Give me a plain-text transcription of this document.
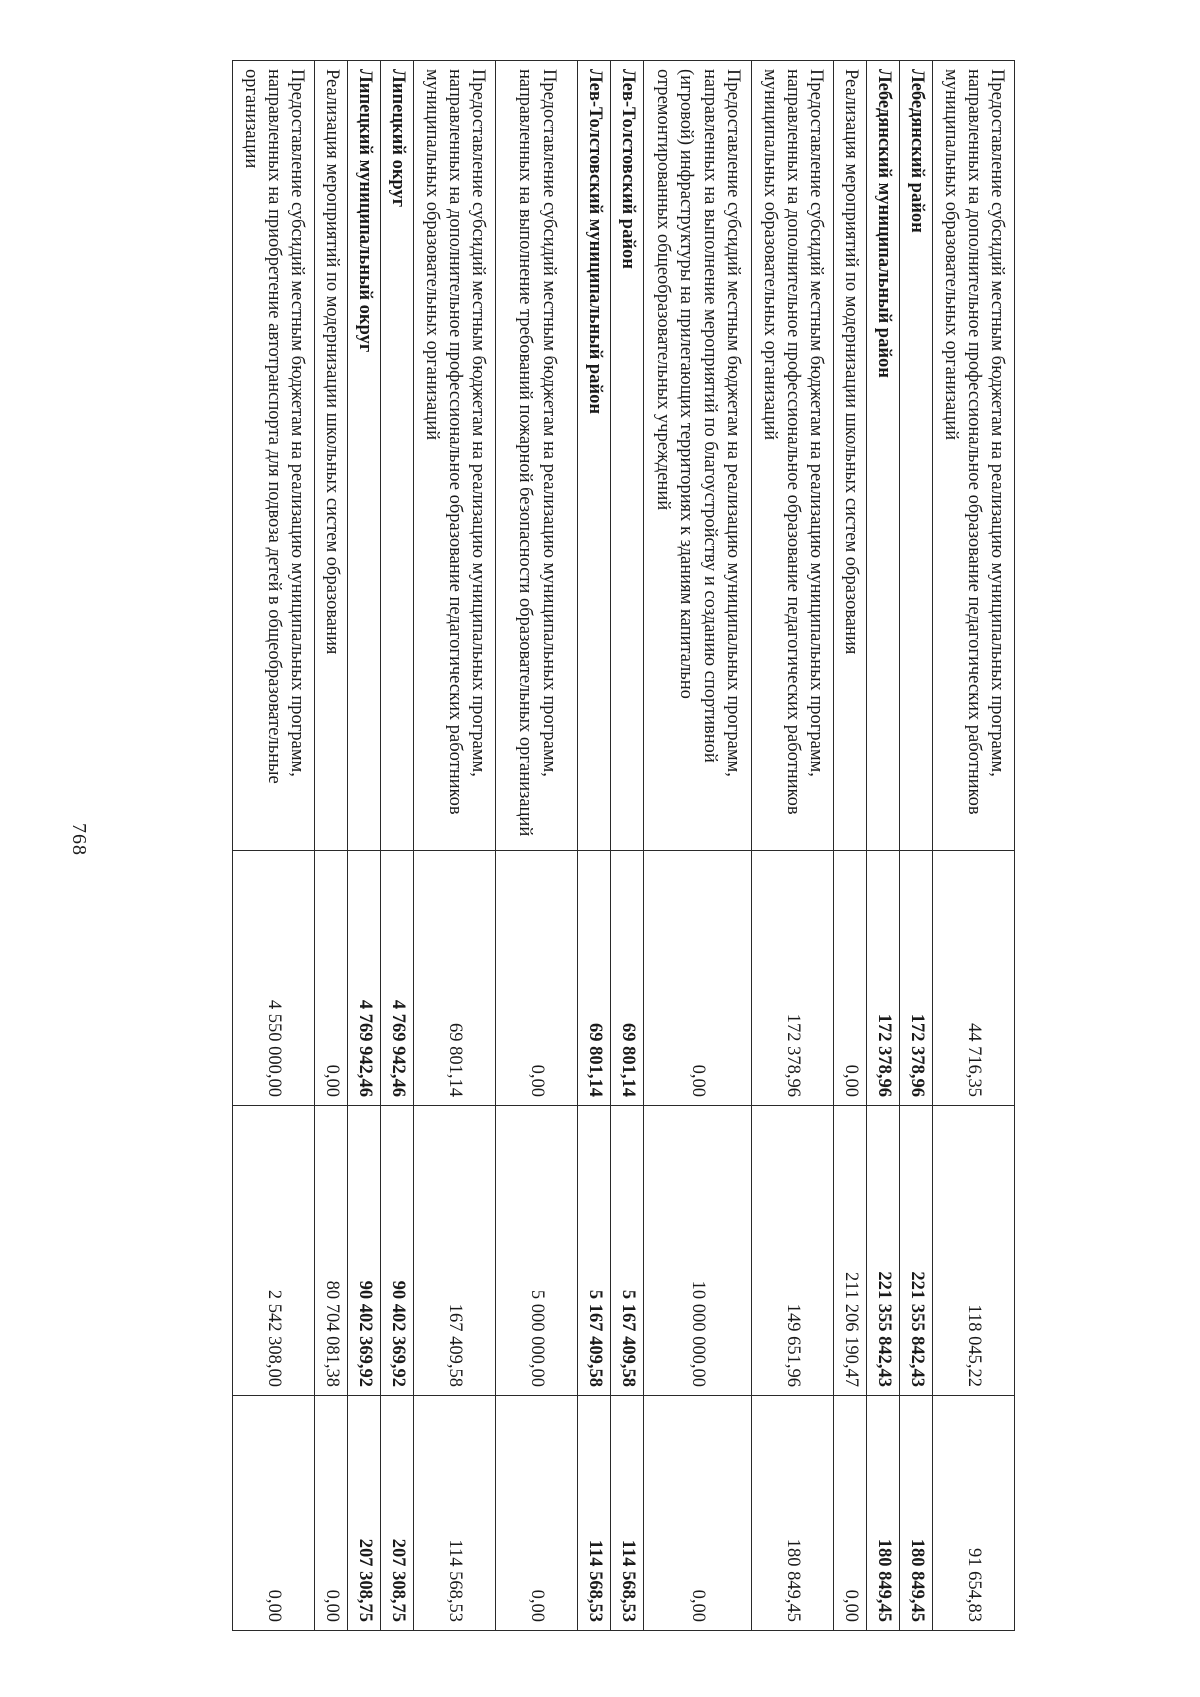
768
Предоставление субсидий местным бюджетам на реализацию муниципальных программ, направленных на дополнительное профессиональное образование педагогических работников муниципальных образовательных организаций	44 716,35	118 045,22	91 654,83
Лебедянский район	172 378,96	221 355 842,43	180 849,45
Лебедянский муниципальный район	172 378,96	221 355 842,43	180 849,45
Реализация мероприятий по модернизации школьных систем образования	0,00	211 206 190,47	0,00
Предоставление субсидий местным бюджетам на реализацию муниципальных программ, направленных на дополнительное профессиональное образование педагогических работников муниципальных образовательных организаций	172 378,96	149 651,96	180 849,45
Предоставление субсидий местным бюджетам на реализацию муниципальных программ, направленных на выполнение мероприятий по благоустройству и созданию спортивной (игровой) инфраструктуры на прилегающих территориях к зданиям капитально отремонтированных общеобразовательных учреждений	0,00	10 000 000,00	0,00
Лев-Толстовский район	69 801,14	5 167 409,58	114 568,53
Лев-Толстовский муниципальный район	69 801,14	5 167 409,58	114 568,53
Предоставление субсидий местным бюджетам на реализацию муниципальных программ, направленных на выполнение требований пожарной безопасности образовательных организаций	0,00	5 000 000,00	0,00
Предоставление субсидий местным бюджетам на реализацию муниципальных программ, направленных на дополнительное профессиональное образование педагогических работников муниципальных образовательных организаций	69 801,14	167 409,58	114 568,53
Липецкий округ	4 769 942,46	90 402 369,92	207 308,75
Липецкий муниципальный округ	4 769 942,46	90 402 369,92	207 308,75
Реализация мероприятий по модернизации школьных систем образования	0,00	80 704 081,38	0,00
Предоставление субсидий местным бюджетам на реализацию муниципальных программ, направленных на приобретение автотранспорта для подвоза детей в общеобразовательные организации	4 550 000,00	2 542 308,00	0,00
